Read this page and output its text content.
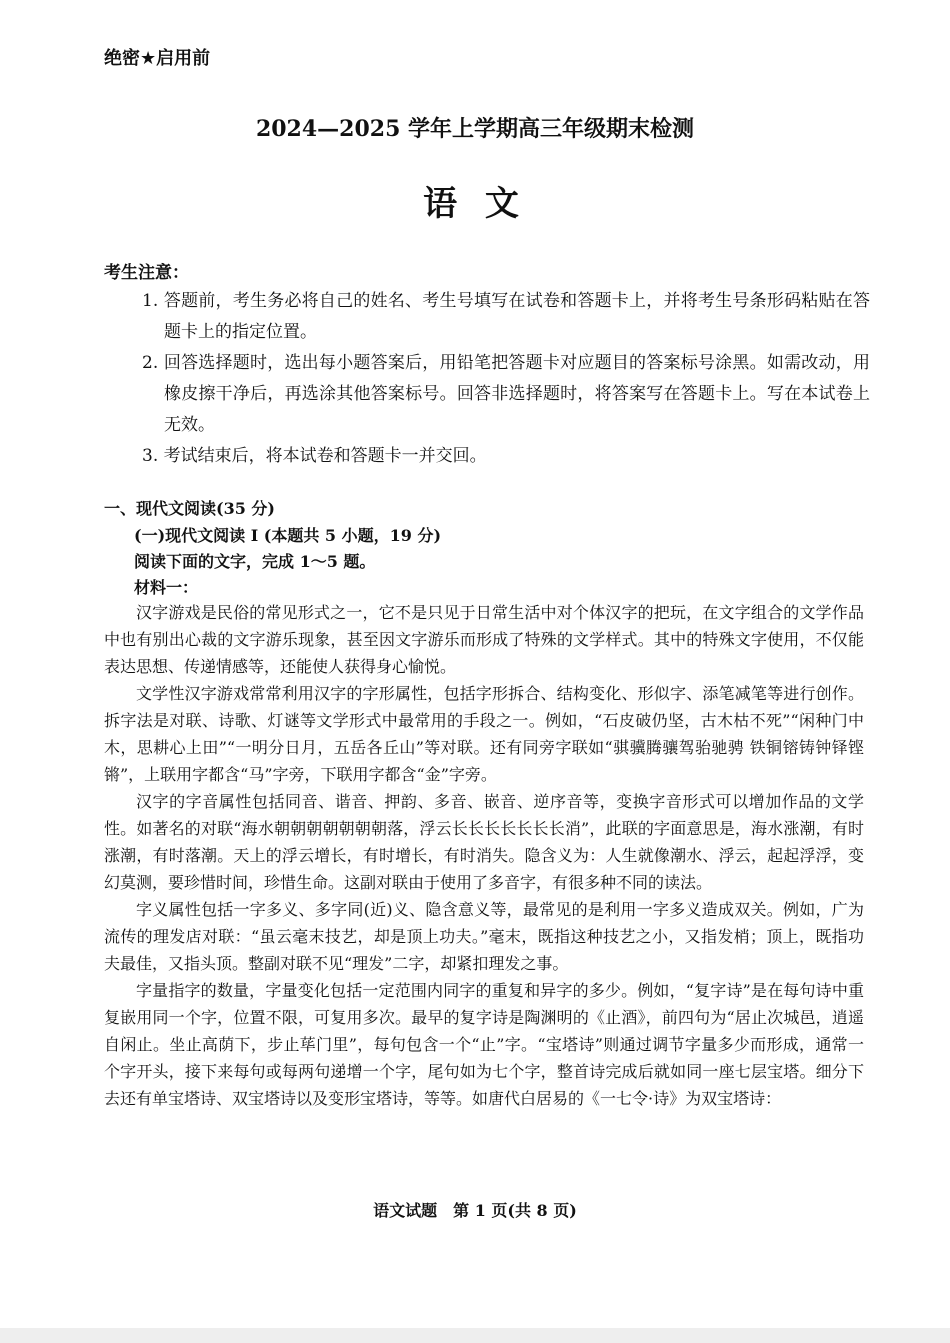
绝密★启用前
2024—2025 学年上学期高三年级期末检测
语 文
考生注意：
1. 答题前，考生务必将自己的姓名、考生号填写在试卷和答题卡上，并将考生号条形码粘贴在答题卡上的指定位置。
2. 回答选择题时，选出每小题答案后，用铅笔把答题卡对应题目的答案标号涂黑。如需改动，用橡皮擦干净后，再选涂其他答案标号。回答非选择题时，将答案写在答题卡上。写在本试卷上无效。
3. 考试结束后，将本试卷和答题卡一并交回。
一、现代文阅读(35 分)
(一)现代文阅读 I (本题共 5 小题，19 分)
阅读下面的文字，完成 1～5 题。
材料一：

汉字游戏是民俗的常见形式之一，它不是只见于日常生活中对个体汉字的把玩，在文字组合的文学作品中也有别出心裁的文字游乐现象，甚至因文字游乐而形成了特殊的文学样式。其中的特殊文字使用，不仅能表达思想、传递情感等，还能使人获得身心愉悦。

文学性汉字游戏常常利用汉字的字形属性，包括字形拆合、结构变化、形似字、添笔减笔等进行创作。拆字法是对联、诗歌、灯谜等文学形式中最常用的手段之一。例如，“石皮破仍坚，古木枯不死”“闲种门中木，思耕心上田”“一明分日月，五岳各丘山”等对联。还有同旁字联如“骐骥腾骧驾骀驰骋 铁铜镕铸钟铎铿锵”，上联用字都含“马”字旁，下联用字都含“金”字旁。

汉字的字音属性包括同音、谐音、押韵、多音、嵌音、逆序音等，变换字音形式可以增加作品的文学性。如著名的对联“海水朝朝朝朝朝朝朝落，浮云长长长长长长长消”，此联的字面意思是，海水涨潮，有时涨潮，有时落潮。天上的浮云增长，有时增长，有时消失。隐含义为：人生就像潮水、浮云，起起浮浮，变幻莫测，要珍惜时间，珍惜生命。这副对联由于使用了多音字，有很多种不同的读法。

字义属性包括一字多义、多字同(近)义、隐含意义等，最常见的是利用一字多义造成双关。例如，广为流传的理发店对联：“虽云毫末技艺，却是顶上功夫。”毫末，既指这种技艺之小，又指发梢；顶上，既指功夫最佳，又指头顶。整副对联不见“理发”二字，却紧扣理发之事。

字量指字的数量，字量变化包括一定范围内同字的重复和异字的多少。例如，“复字诗”是在每句诗中重复嵌用同一个字，位置不限，可复用多次。最早的复字诗是陶渊明的《止酒》，前四句为“居止次城邑，逍遥自闲止。坐止高荫下，步止荜门里”，每句包含一个“止”字。“宝塔诗”则通过调节字量多少而形成，通常一个字开头，接下来每句或每两句递增一个字，尾句如为七个字，整首诗完成后就如同一座七层宝塔。细分下去还有单宝塔诗、双宝塔诗以及变形宝塔诗，等等。如唐代白居易的《一七令·诗》为双宝塔诗：

语文试题　第 1 页(共 8 页)
